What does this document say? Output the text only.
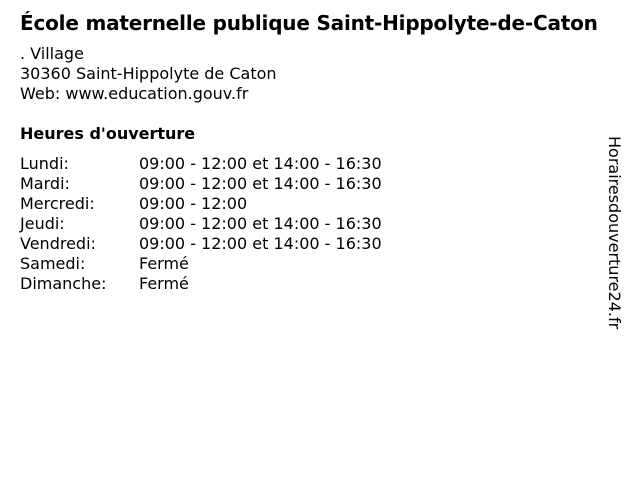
École maternelle publique Saint-Hippolyte-de-Caton
. Village
30360 Saint-Hippolyte de Caton
Web: www.education.gouv.fr
Heures d'ouverture
Lundi:	09:00 - 12:00 et 14:00 - 16:30
Mardi:	09:00 - 12:00 et 14:00 - 16:30
Mercredi:	09:00 - 12:00
Jeudi:	09:00 - 12:00 et 14:00 - 16:30
Vendredi:	09:00 - 12:00 et 14:00 - 16:30
Samedi:	Fermé
Dimanche: Fermé	Horairesdouverture24.fr
